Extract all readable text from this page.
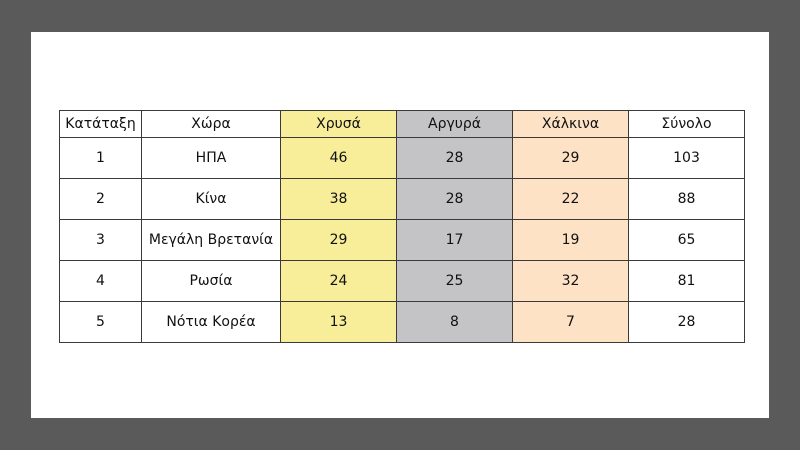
Κατάταξη	Χώρα	Χρυσά	Αργυρά	Χάλκινα	Σύνολο
1	ΗΠΑ	46	28	29	103
2	Κίνα	38	28	22	88
3	Μεγάλη Βρετανία	29	17	19	65
4	Ρωσία	24	25	32	81
5	Νότια Κορέα	13	8	7	28
